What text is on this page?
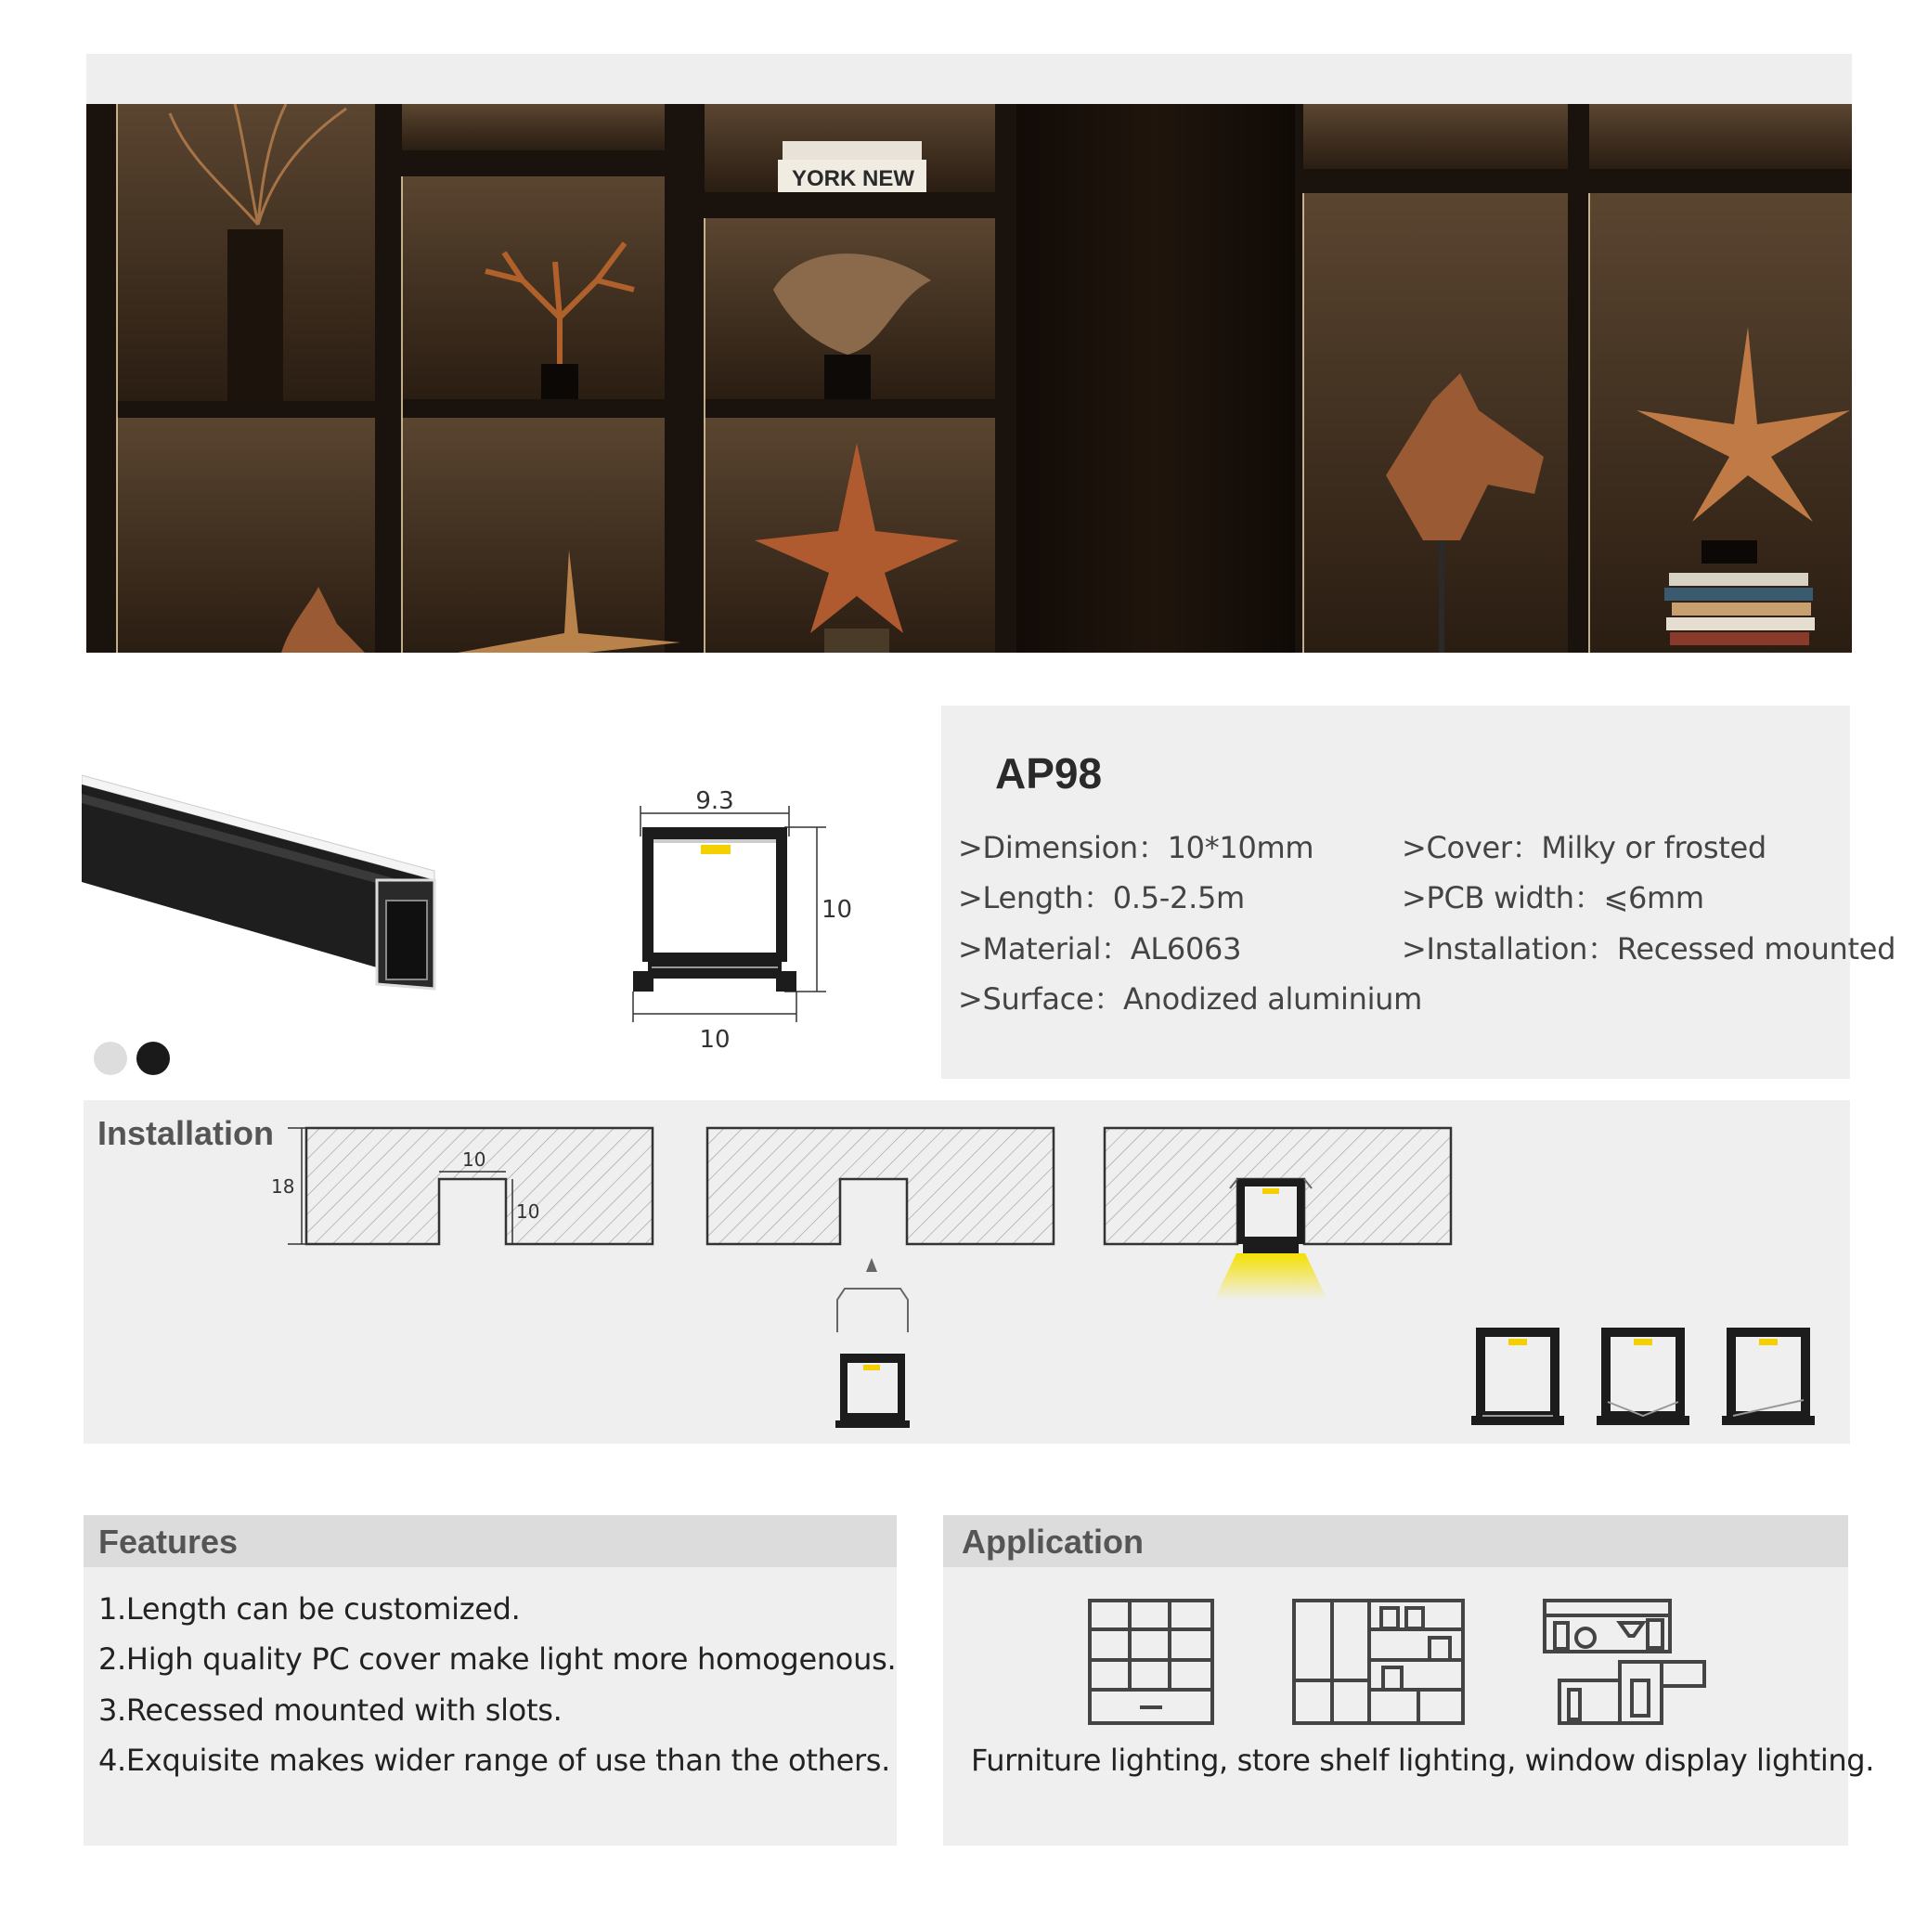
YORK NEW
9.3
10
10
AP98
>Dimension：10*10mm
>Length：0.5-2.5m
>Material：AL6063
>Surface：Anodized aluminium
>Cover：Milky or frosted
>PCB width：⩽6mm
>Installation：Recessed mounted
Installation
18
10
10
Features
1.Length can be customized.
2.High quality PC cover make light more homogenous.
3.Recessed mounted with slots.
4.Exquisite makes wider range of use than the others.
Application
Furniture lighting, store shelf lighting, window display lighting.
